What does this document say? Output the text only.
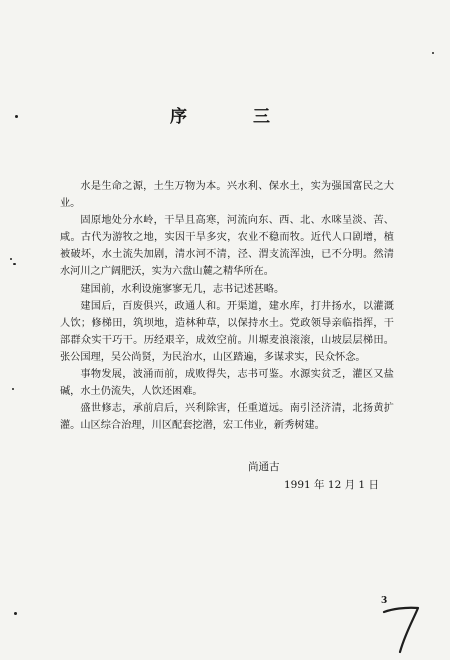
序 三

水是生命之源，土生万物为本。兴水利、保水土，实为强国富民之大业。

固原地处分水岭，干旱且高寒，河流向东、西、北、水咪呈淡、苦、咸。古代为游牧之地，实因干旱多灾，农业不稳而牧。近代人口剧增，植被破坏，水土流失加剧，清水河不清，泾、渭支流浑浊，已不分明。然清水河川之广阔肥沃，实为六盘山麓之精华所在。

建国前，水利设施寥寥无几，志书记述甚略。

建国后，百废俱兴，政通人和。开渠道，建水库，打井扬水，以灌溉人饮；修梯田，筑坝地，造林种草，以保持水土。党政领导亲临指挥，干部群众实干巧干。历经艰辛，成效空前。川塬麦浪滚滚，山坡层层梯田。张公国理，吴公尚贤，为民治水，山区踏遍，多谋求实，民众怀念。

事物发展，波涌而前，成败得失，志书可鉴。水源实贫乏，灌区又盐碱，水土仍流失，人饮还困难。

盛世修志，承前启后，兴利除害，任重道远。南引泾济清，北扬黄扩灌。山区综合治理，川区配套挖潜，宏工伟业，新秀树建。

尚通古
1991 年 12 月 1 日
3
